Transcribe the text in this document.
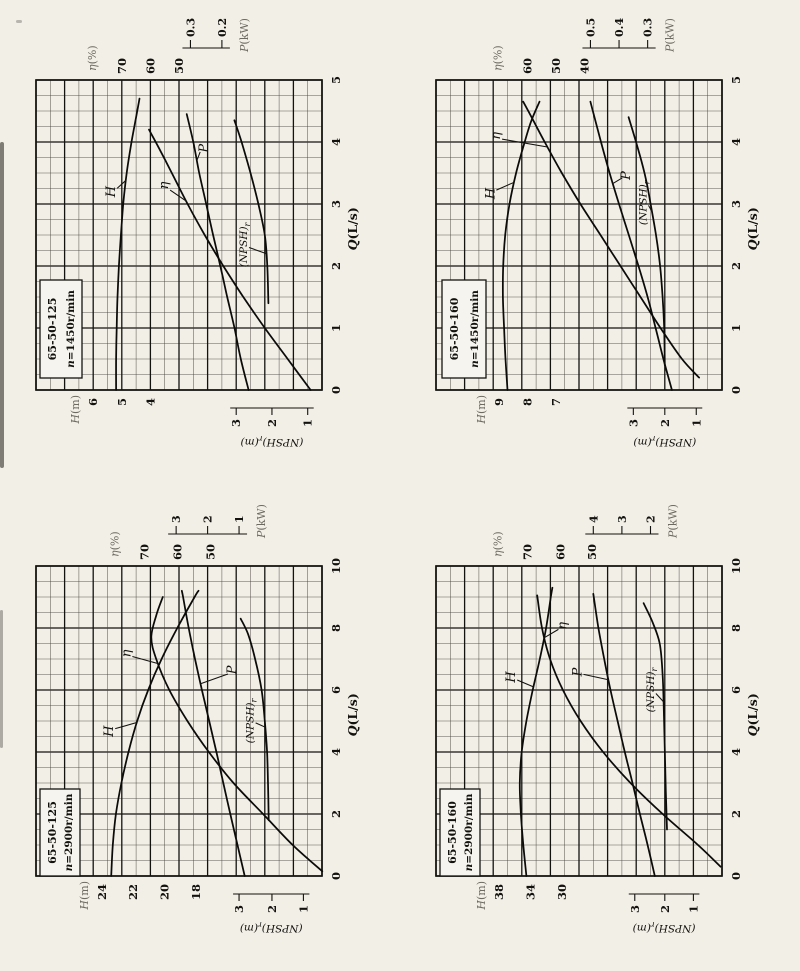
0
1
2
3
4
5
Q(L/s)
6 5 4
H(m)
70 60 50
η(%)
0.3 0.2
P(kW)
3 2 1
$(NPSH)_r(m)$
65-50-125
n=1450r/min
H
η
P
$(NPSH)_r$
0
1
2
3
4
5
Q(L/s)
9 8 7
H(m)
60 50 40
η(%)
0.5 0.4 0.3
P(kW)
3 2 1
$(NPSH)_r(m)$
65-50-160
n=1450r/min
H
η
P
$(NPSH)_r$
0
2
4
6
8
10
Q(L/s)
24 22 20 18
H(m)
70 60 50
η(%)
3 2 1
P(kW)
3 2 1
$(NPSH)_r(m)$
65-50-125
n=2900r/min
H
η
P
$(NPSH)_r$
0
2
4
6
8
10
Q(L/s)
38 34 30
H(m)
70 60 50
η(%)
4 3 2
P(kW)
3 2 1
$(NPSH)_r(m)$
65-50-160
n=2900r/min
H
η
P	$(NPSH)_r$
